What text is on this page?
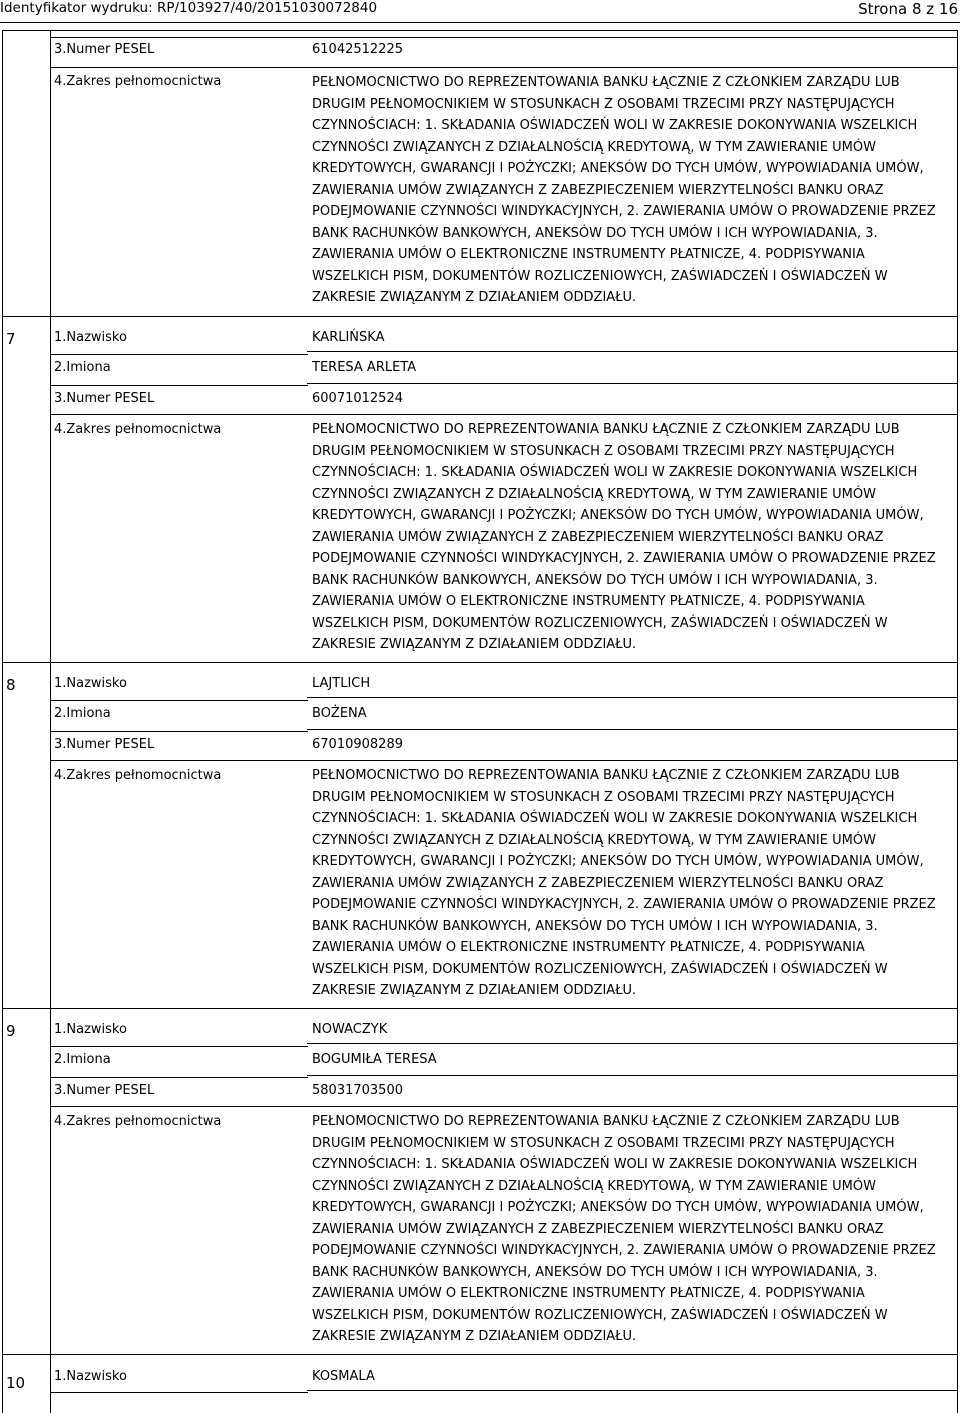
Identyfikator wydruku: RP/103927/40/20151030072840	Strona 8 z 16
3.Numer PESEL	61042512225
4.Zakres pełnomocnictwa	PEŁNOMOCNICTWO DO REPREZENTOWANIA BANKU ŁĄCZNIE Z CZŁONKIEM ZARZĄDU LUB
DRUGIM PEŁNOMOCNIKIEM W STOSUNKACH Z OSOBAMI TRZECIMI PRZY NASTĘPUJĄCYCH
CZYNNOŚCIACH: 1. SKŁADANIA OŚWIADCZEŃ WOLI W ZAKRESIE DOKONYWANIA WSZELKICH
CZYNNOŚCI ZWIĄZANYCH Z DZIAŁALNOŚCIĄ KREDYTOWĄ, W TYM ZAWIERANIE UMÓW
KREDYTOWYCH, GWARANCJI I POŻYCZKI; ANEKSÓW DO TYCH UMÓW, WYPOWIADANIA UMÓW,
ZAWIERANIA UMÓW ZWIĄZANYCH Z ZABEZPIECZENIEM WIERZYTELNOŚCI BANKU ORAZ
PODEJMOWANIE CZYNNOŚCI WINDYKACYJNYCH, 2. ZAWIERANIA UMÓW O PROWADZENIE PRZEZ
BANK RACHUNKÓW BANKOWYCH, ANEKSÓW DO TYCH UMÓW I ICH WYPOWIADANIA, 3.
ZAWIERANIA UMÓW O ELEKTRONICZNE INSTRUMENTY PŁATNICZE, 4. PODPISYWANIA
WSZELKICH PISM, DOKUMENTÓW ROZLICZENIOWYCH, ZAŚWIADCZEŃ I OŚWIADCZEŃ W
ZAKRESIE ZWIĄZANYM Z DZIAŁANIEM ODDZIAŁU.
7	1.Nazwisko	KARLIŃSKA
2.Imiona	TERESA ARLETA
3.Numer PESEL	60071012524
4.Zakres pełnomocnictwa	PEŁNOMOCNICTWO DO REPREZENTOWANIA BANKU ŁĄCZNIE Z CZŁONKIEM ZARZĄDU LUB
DRUGIM PEŁNOMOCNIKIEM W STOSUNKACH Z OSOBAMI TRZECIMI PRZY NASTĘPUJĄCYCH
CZYNNOŚCIACH: 1. SKŁADANIA OŚWIADCZEŃ WOLI W ZAKRESIE DOKONYWANIA WSZELKICH
CZYNNOŚCI ZWIĄZANYCH Z DZIAŁALNOŚCIĄ KREDYTOWĄ, W TYM ZAWIERANIE UMÓW
KREDYTOWYCH, GWARANCJI I POŻYCZKI; ANEKSÓW DO TYCH UMÓW, WYPOWIADANIA UMÓW,
ZAWIERANIA UMÓW ZWIĄZANYCH Z ZABEZPIECZENIEM WIERZYTELNOŚCI BANKU ORAZ
PODEJMOWANIE CZYNNOŚCI WINDYKACYJNYCH, 2. ZAWIERANIA UMÓW O PROWADZENIE PRZEZ
BANK RACHUNKÓW BANKOWYCH, ANEKSÓW DO TYCH UMÓW I ICH WYPOWIADANIA, 3.
ZAWIERANIA UMÓW O ELEKTRONICZNE INSTRUMENTY PŁATNICZE, 4. PODPISYWANIA
WSZELKICH PISM, DOKUMENTÓW ROZLICZENIOWYCH, ZAŚWIADCZEŃ I OŚWIADCZEŃ W
ZAKRESIE ZWIĄZANYM Z DZIAŁANIEM ODDZIAŁU.
8	1.Nazwisko	LAJTLICH
2.Imiona	BOŻENA
3.Numer PESEL	67010908289
4.Zakres pełnomocnictwa	PEŁNOMOCNICTWO DO REPREZENTOWANIA BANKU ŁĄCZNIE Z CZŁONKIEM ZARZĄDU LUB
DRUGIM PEŁNOMOCNIKIEM W STOSUNKACH Z OSOBAMI TRZECIMI PRZY NASTĘPUJĄCYCH
CZYNNOŚCIACH: 1. SKŁADANIA OŚWIADCZEŃ WOLI W ZAKRESIE DOKONYWANIA WSZELKICH
CZYNNOŚCI ZWIĄZANYCH Z DZIAŁALNOŚCIĄ KREDYTOWĄ, W TYM ZAWIERANIE UMÓW
KREDYTOWYCH, GWARANCJI I POŻYCZKI; ANEKSÓW DO TYCH UMÓW, WYPOWIADANIA UMÓW,
ZAWIERANIA UMÓW ZWIĄZANYCH Z ZABEZPIECZENIEM WIERZYTELNOŚCI BANKU ORAZ
PODEJMOWANIE CZYNNOŚCI WINDYKACYJNYCH, 2. ZAWIERANIA UMÓW O PROWADZENIE PRZEZ
BANK RACHUNKÓW BANKOWYCH, ANEKSÓW DO TYCH UMÓW I ICH WYPOWIADANIA, 3.
ZAWIERANIA UMÓW O ELEKTRONICZNE INSTRUMENTY PŁATNICZE, 4. PODPISYWANIA
WSZELKICH PISM, DOKUMENTÓW ROZLICZENIOWYCH, ZAŚWIADCZEŃ I OŚWIADCZEŃ W
ZAKRESIE ZWIĄZANYM Z DZIAŁANIEM ODDZIAŁU.
9	1.Nazwisko	NOWACZYK
2.Imiona	BOGUMIŁA TERESA
3.Numer PESEL	58031703500
4.Zakres pełnomocnictwa	PEŁNOMOCNICTWO DO REPREZENTOWANIA BANKU ŁĄCZNIE Z CZŁONKIEM ZARZĄDU LUB
DRUGIM PEŁNOMOCNIKIEM W STOSUNKACH Z OSOBAMI TRZECIMI PRZY NASTĘPUJĄCYCH
CZYNNOŚCIACH: 1. SKŁADANIA OŚWIADCZEŃ WOLI W ZAKRESIE DOKONYWANIA WSZELKICH
CZYNNOŚCI ZWIĄZANYCH Z DZIAŁALNOŚCIĄ KREDYTOWĄ, W TYM ZAWIERANIE UMÓW
KREDYTOWYCH, GWARANCJI I POŻYCZKI; ANEKSÓW DO TYCH UMÓW, WYPOWIADANIA UMÓW,
ZAWIERANIA UMÓW ZWIĄZANYCH Z ZABEZPIECZENIEM WIERZYTELNOŚCI BANKU ORAZ
PODEJMOWANIE CZYNNOŚCI WINDYKACYJNYCH, 2. ZAWIERANIA UMÓW O PROWADZENIE PRZEZ
BANK RACHUNKÓW BANKOWYCH, ANEKSÓW DO TYCH UMÓW I ICH WYPOWIADANIA, 3.
ZAWIERANIA UMÓW O ELEKTRONICZNE INSTRUMENTY PŁATNICZE, 4. PODPISYWANIA
WSZELKICH PISM, DOKUMENTÓW ROZLICZENIOWYCH, ZAŚWIADCZEŃ I OŚWIADCZEŃ W
ZAKRESIE ZWIĄZANYM Z DZIAŁANIEM ODDZIAŁU.
10 1.Nazwisko	KOSMALA
